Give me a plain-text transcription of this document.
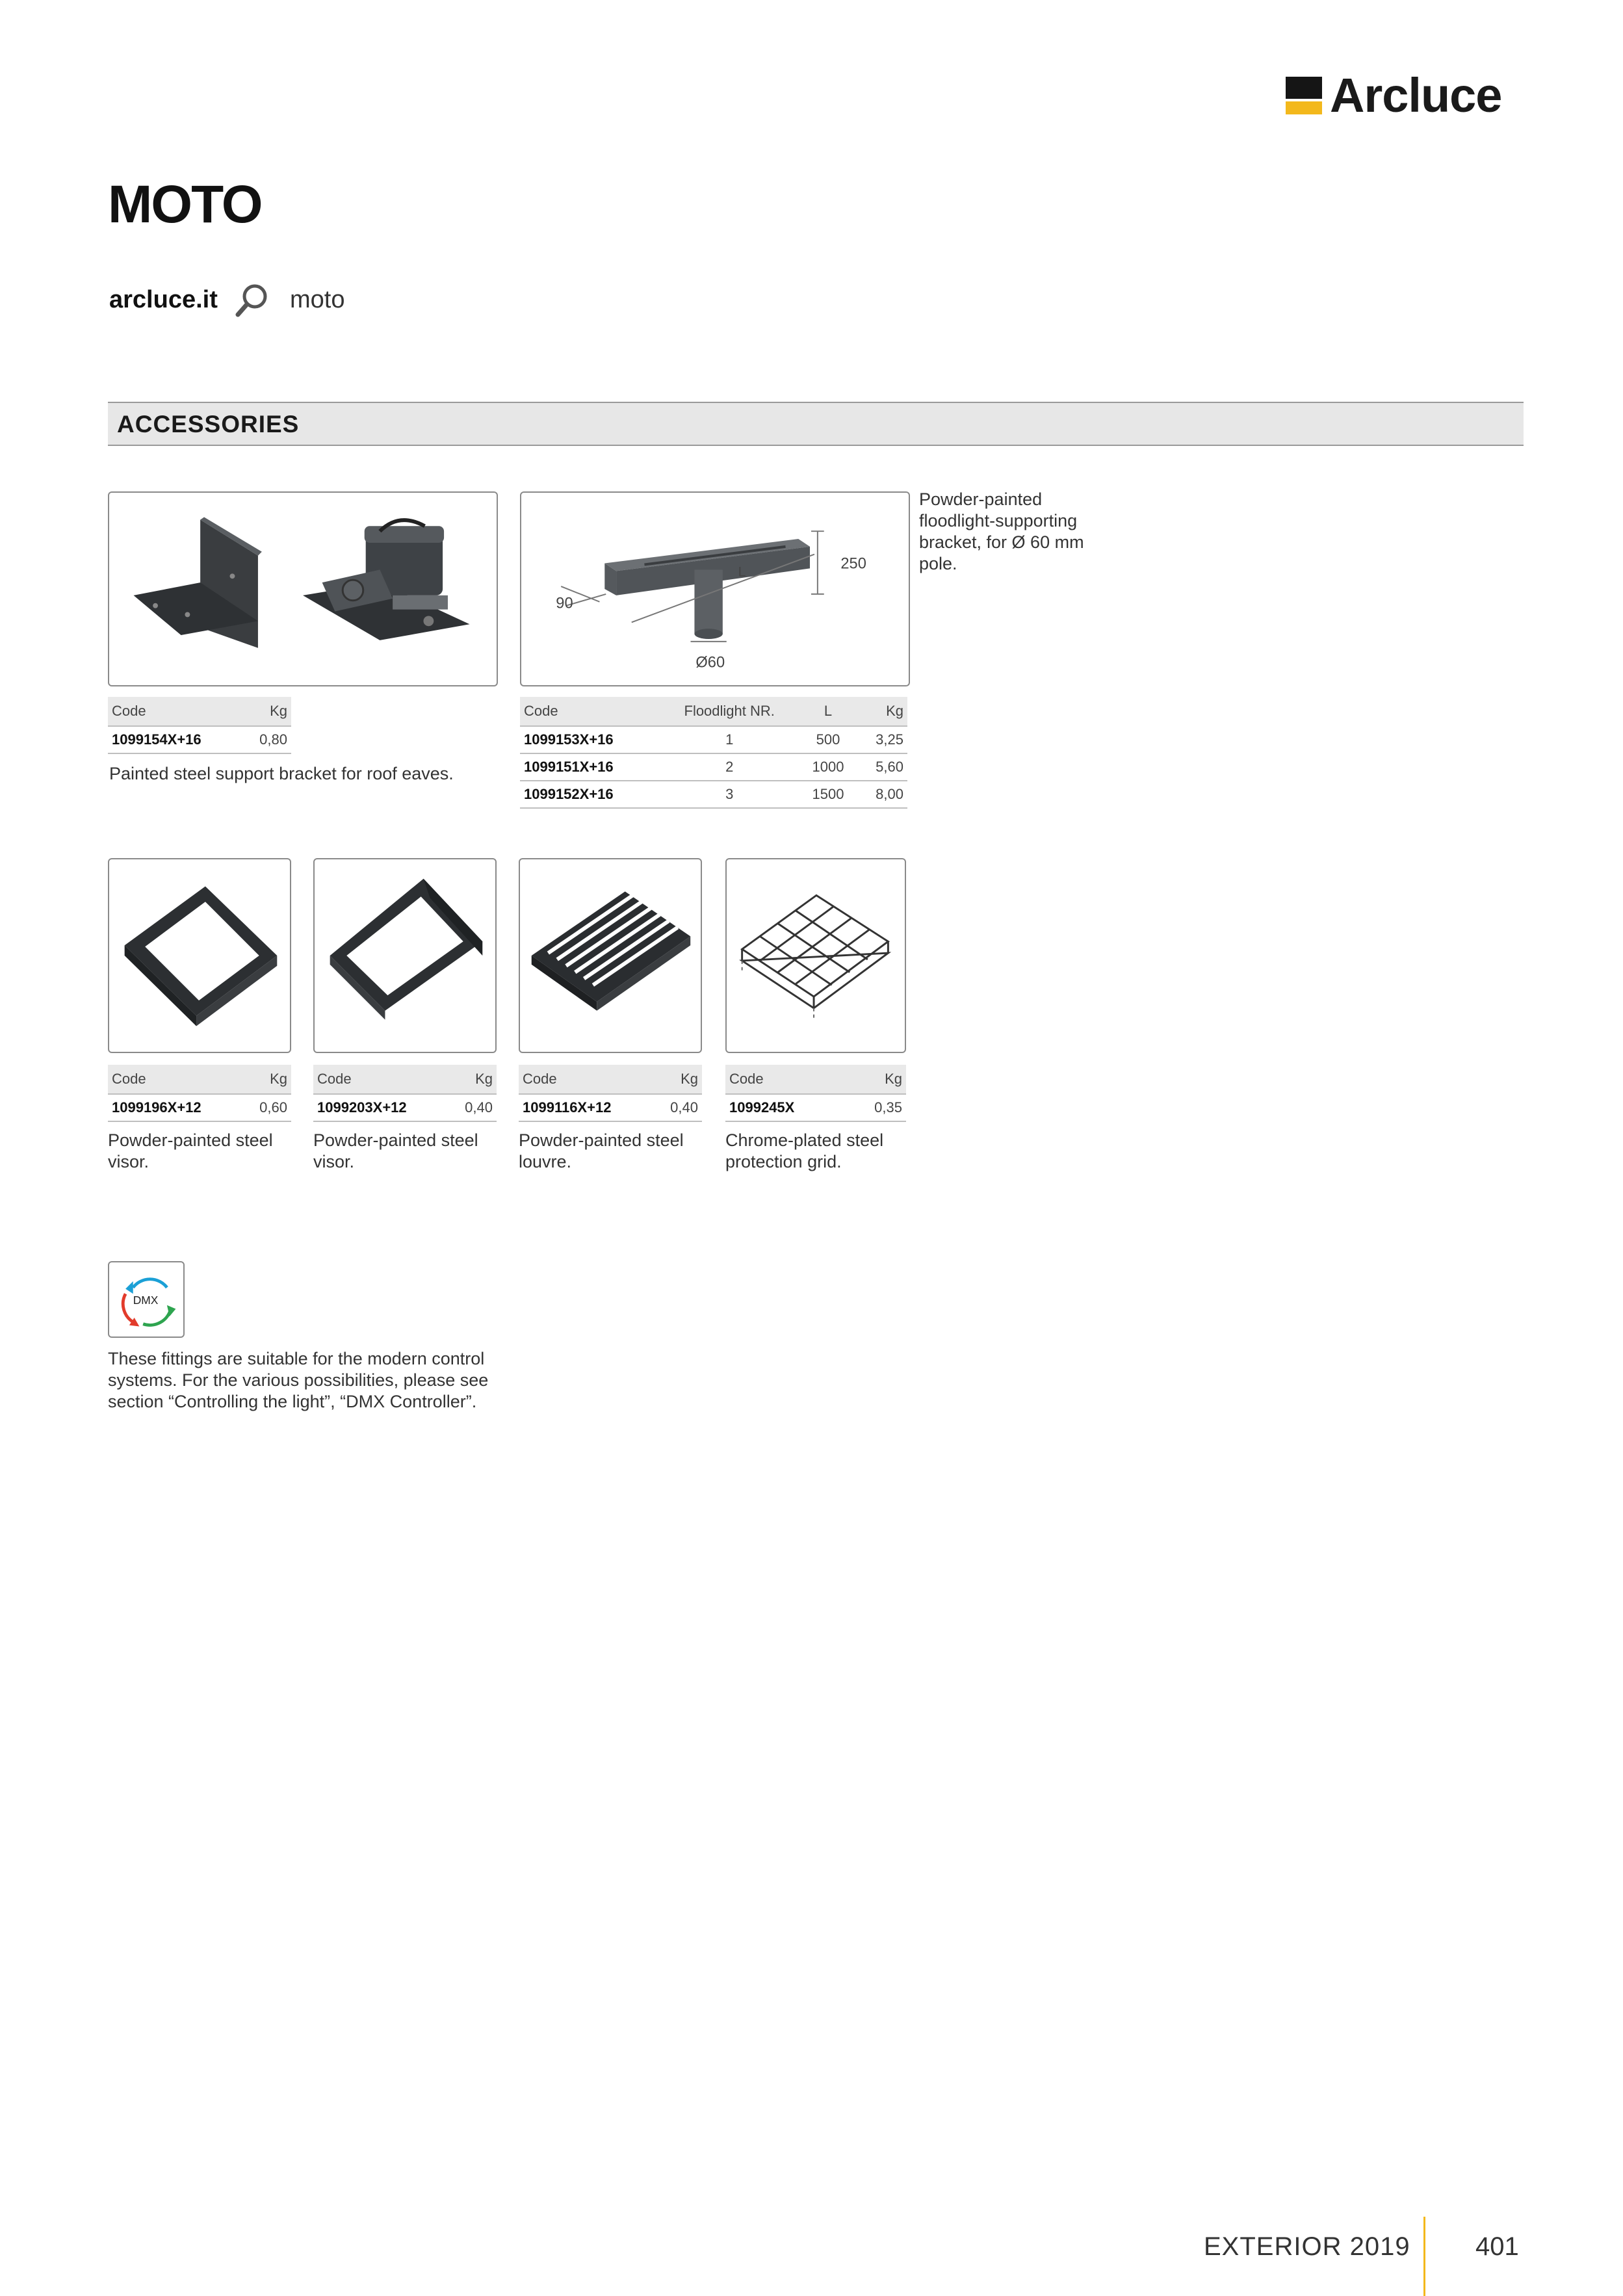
Arcluce
MOTO
arcluce.it	moto
ACCESSORIES
Code	Kg
1099154X+16	0,80
Painted steel support bracket for roof eaves.
250
L
90
Ø60
Powder-painted floodlight-supporting bracket, for Ø 60 mm pole.
Code	Floodlight NR.	L	Kg
1099153X+16	1	500	3,25
1099151X+16	2	1000	5,60
1099152X+16	3	1500	8,00
Code	Kg
1099196X+12	0,60
Powder-painted steel visor.
Code	Kg
1099203X+12	0,40
Powder-painted steel visor.
Code	Kg
1099116X+12	0,40
Powder-painted steel louvre.
Code	Kg
1099245X	0,35
Chrome-plated steel protection grid.
DMX
These fittings are suitable for the modern control systems. For the various possibilities, please see section “Controlling the light”, “DMX Controller”.
EXTERIOR 2019	401
